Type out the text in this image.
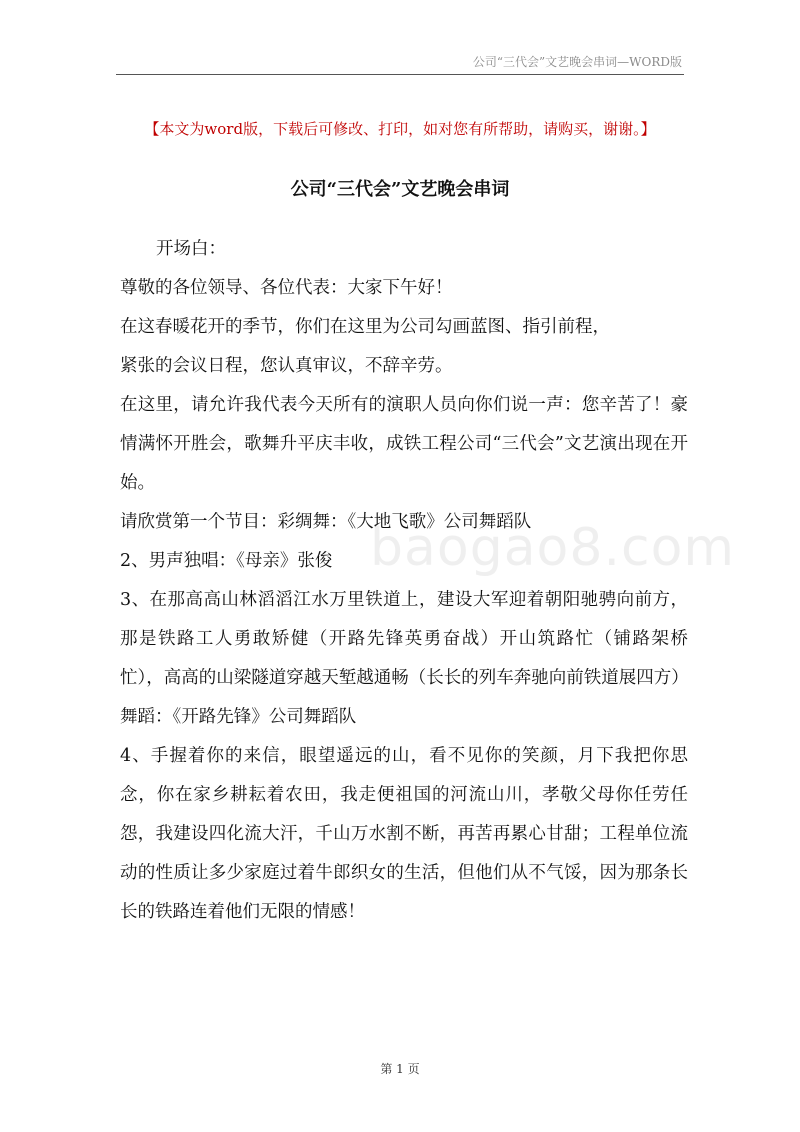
公司“三代会”文艺晚会串词—WORD版
【本文为word版，下载后可修改、打印，如对您有所帮助，请购买，谢谢。】
公司“三代会”文艺晚会串词

开场白：

尊敬的各位领导、各位代表：大家下午好！

在这春暖花开的季节，你们在这里为公司勾画蓝图、指引前程，

紧张的会议日程，您认真审议，不辞辛劳。

在这里，请允许我代表今天所有的演职人员向你们说一声：您辛苦了！豪情满怀开胜会，歌舞升平庆丰收，成铁工程公司“三代会”文艺演出现在开始。

请欣赏第一个节目：彩绸舞：《大地飞歌》公司舞蹈队

2、男声独唱：《母亲》张俊

3、在那高高山林滔滔江水万里铁道上，建设大军迎着朝阳驰骋向前方，那是铁路工人勇敢矫健（开路先锋英勇奋战）开山筑路忙（铺路架桥忙），高高的山梁隧道穿越天堑越通畅（长长的列车奔驰向前铁道展四方）

舞蹈：《开路先锋》公司舞蹈队

4、手握着你的来信，眼望遥远的山，看不见你的笑颜，月下我把你思念，你在家乡耕耘着农田，我走便祖国的河流山川，孝敬父母你任劳任怨，我建设四化流大汗，千山万水割不断，再苦再累心甘甜；工程单位流动的性质让多少家庭过着牛郎织女的生活，但他们从不气馁，因为那条长长的铁路连着他们无限的情感！

baogao8.com
第 1 页
